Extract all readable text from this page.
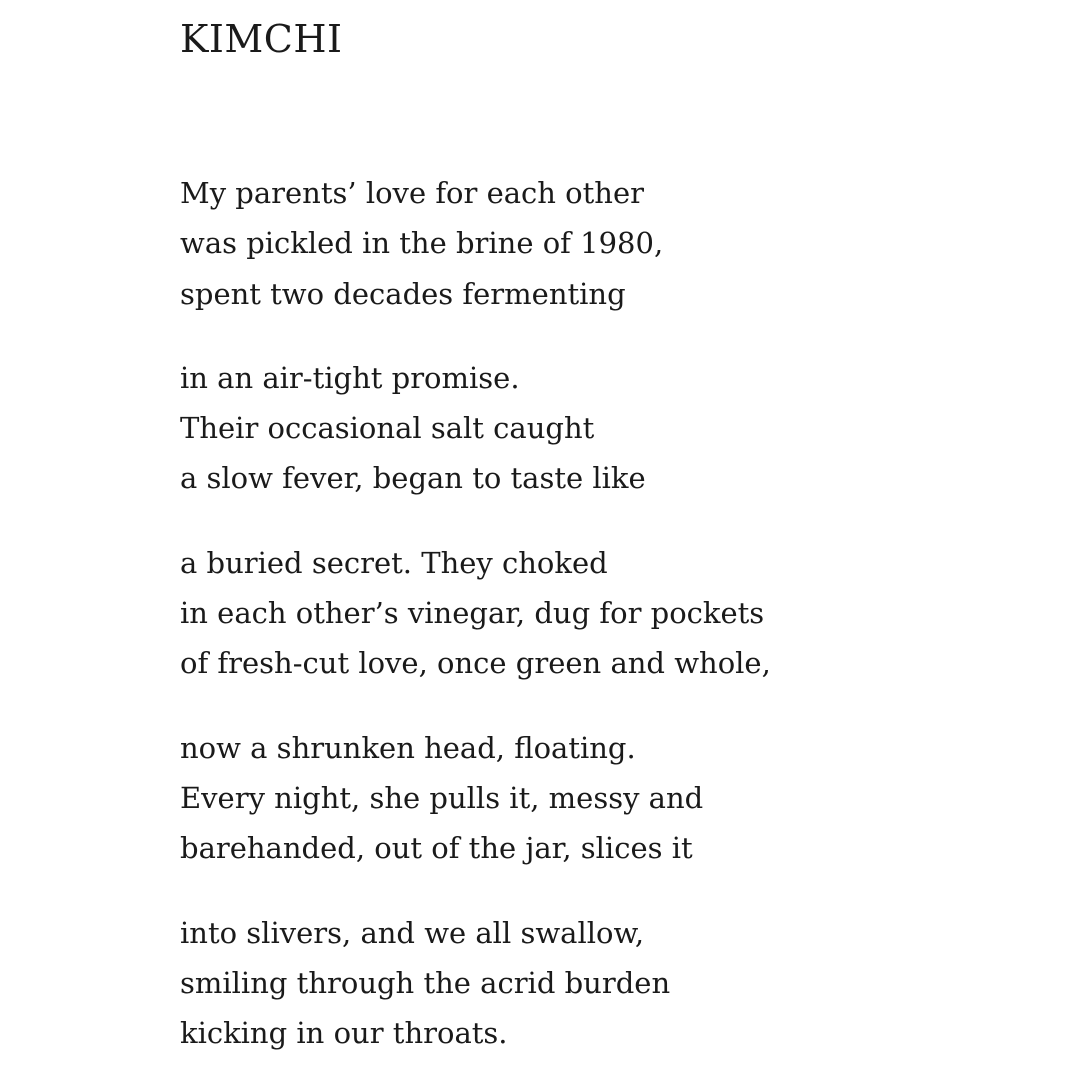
KIMCHI
My parents’ love for each other
was pickled in the brine of 1980,
spent two decades fermenting
in an air-tight promise.
Their occasional salt caught
a slow fever, began to taste like
a buried secret. They choked
in each other’s vinegar, dug for pockets
of fresh-cut love, once green and whole,
now a shrunken head, floating.
Every night, she pulls it, messy and
barehanded, out of the jar, slices it
into slivers, and we all swallow,
smiling through the acrid burden
kicking in our throats.
